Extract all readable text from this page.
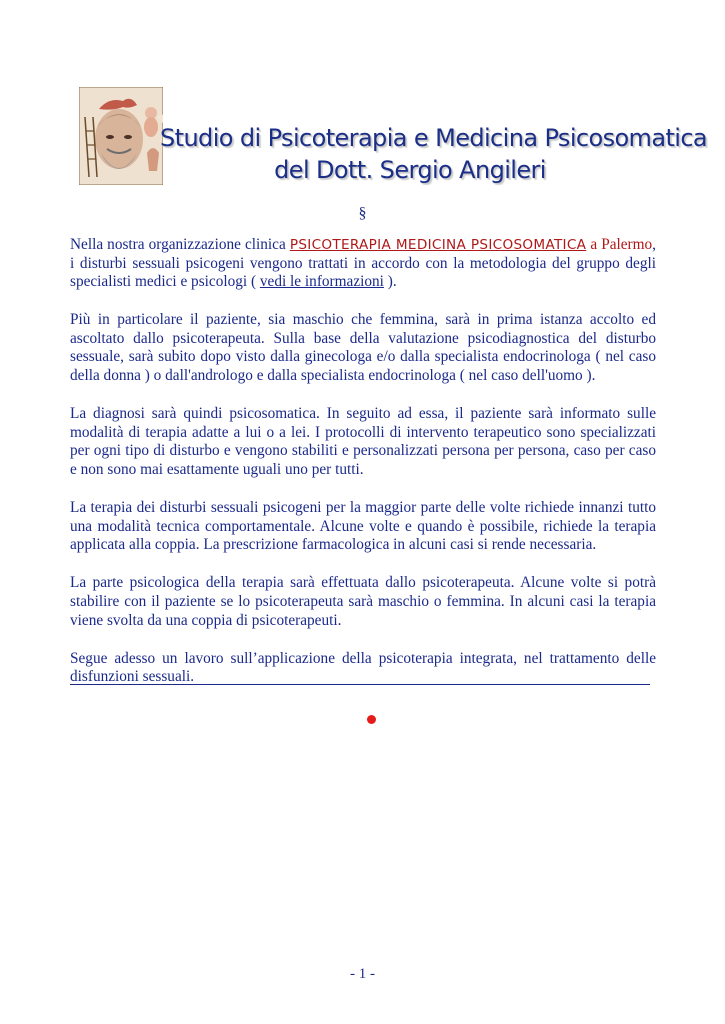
Studio di Psicoterapia e Medicina Psicosomatica
del Dott. Sergio Angileri
§

Nella nostra organizzazione clinica PSICOTERAPIA MEDICINA PSICOSOMATICA a Palermo, i disturbi sessuali psicogeni vengono trattati in accordo con la metodologia del gruppo degli specialisti medici e psicologi ( vedi le informazioni ).

Più in particolare il paziente, sia maschio che femmina, sarà in prima istanza accolto ed ascoltato dallo psicoterapeuta. Sulla base della valutazione psicodiagnostica del disturbo sessuale, sarà subito dopo visto dalla ginecologa e/o dalla specialista endocrinologa ( nel caso della donna ) o dall'andrologo e dalla specialista endocrinologa ( nel caso dell'uomo ).

La diagnosi sarà quindi psicosomatica. In seguito ad essa, il paziente sarà informato sulle modalità di terapia adatte a lui o a lei. I protocolli di intervento terapeutico sono specializzati per ogni tipo di disturbo e vengono stabiliti e personalizzati persona per persona, caso per caso e non sono mai esattamente uguali uno per tutti.

La terapia dei disturbi sessuali psicogeni per la maggior parte delle volte richiede innanzi tutto una modalità tecnica comportamentale. Alcune volte e quando è possibile, richiede la terapia applicata alla coppia. La prescrizione farmacologica in alcuni casi si rende necessaria.

La parte psicologica della terapia sarà effettuata dallo psicoterapeuta. Alcune volte si potrà stabilire con il paziente se lo psicoterapeuta sarà maschio o femmina. In alcuni casi la terapia viene svolta da una coppia di psicoterapeuti.

Segue adesso un lavoro sull’applicazione della psicoterapia integrata, nel trattamento delle disfunzioni sessuali.

- 1 -
